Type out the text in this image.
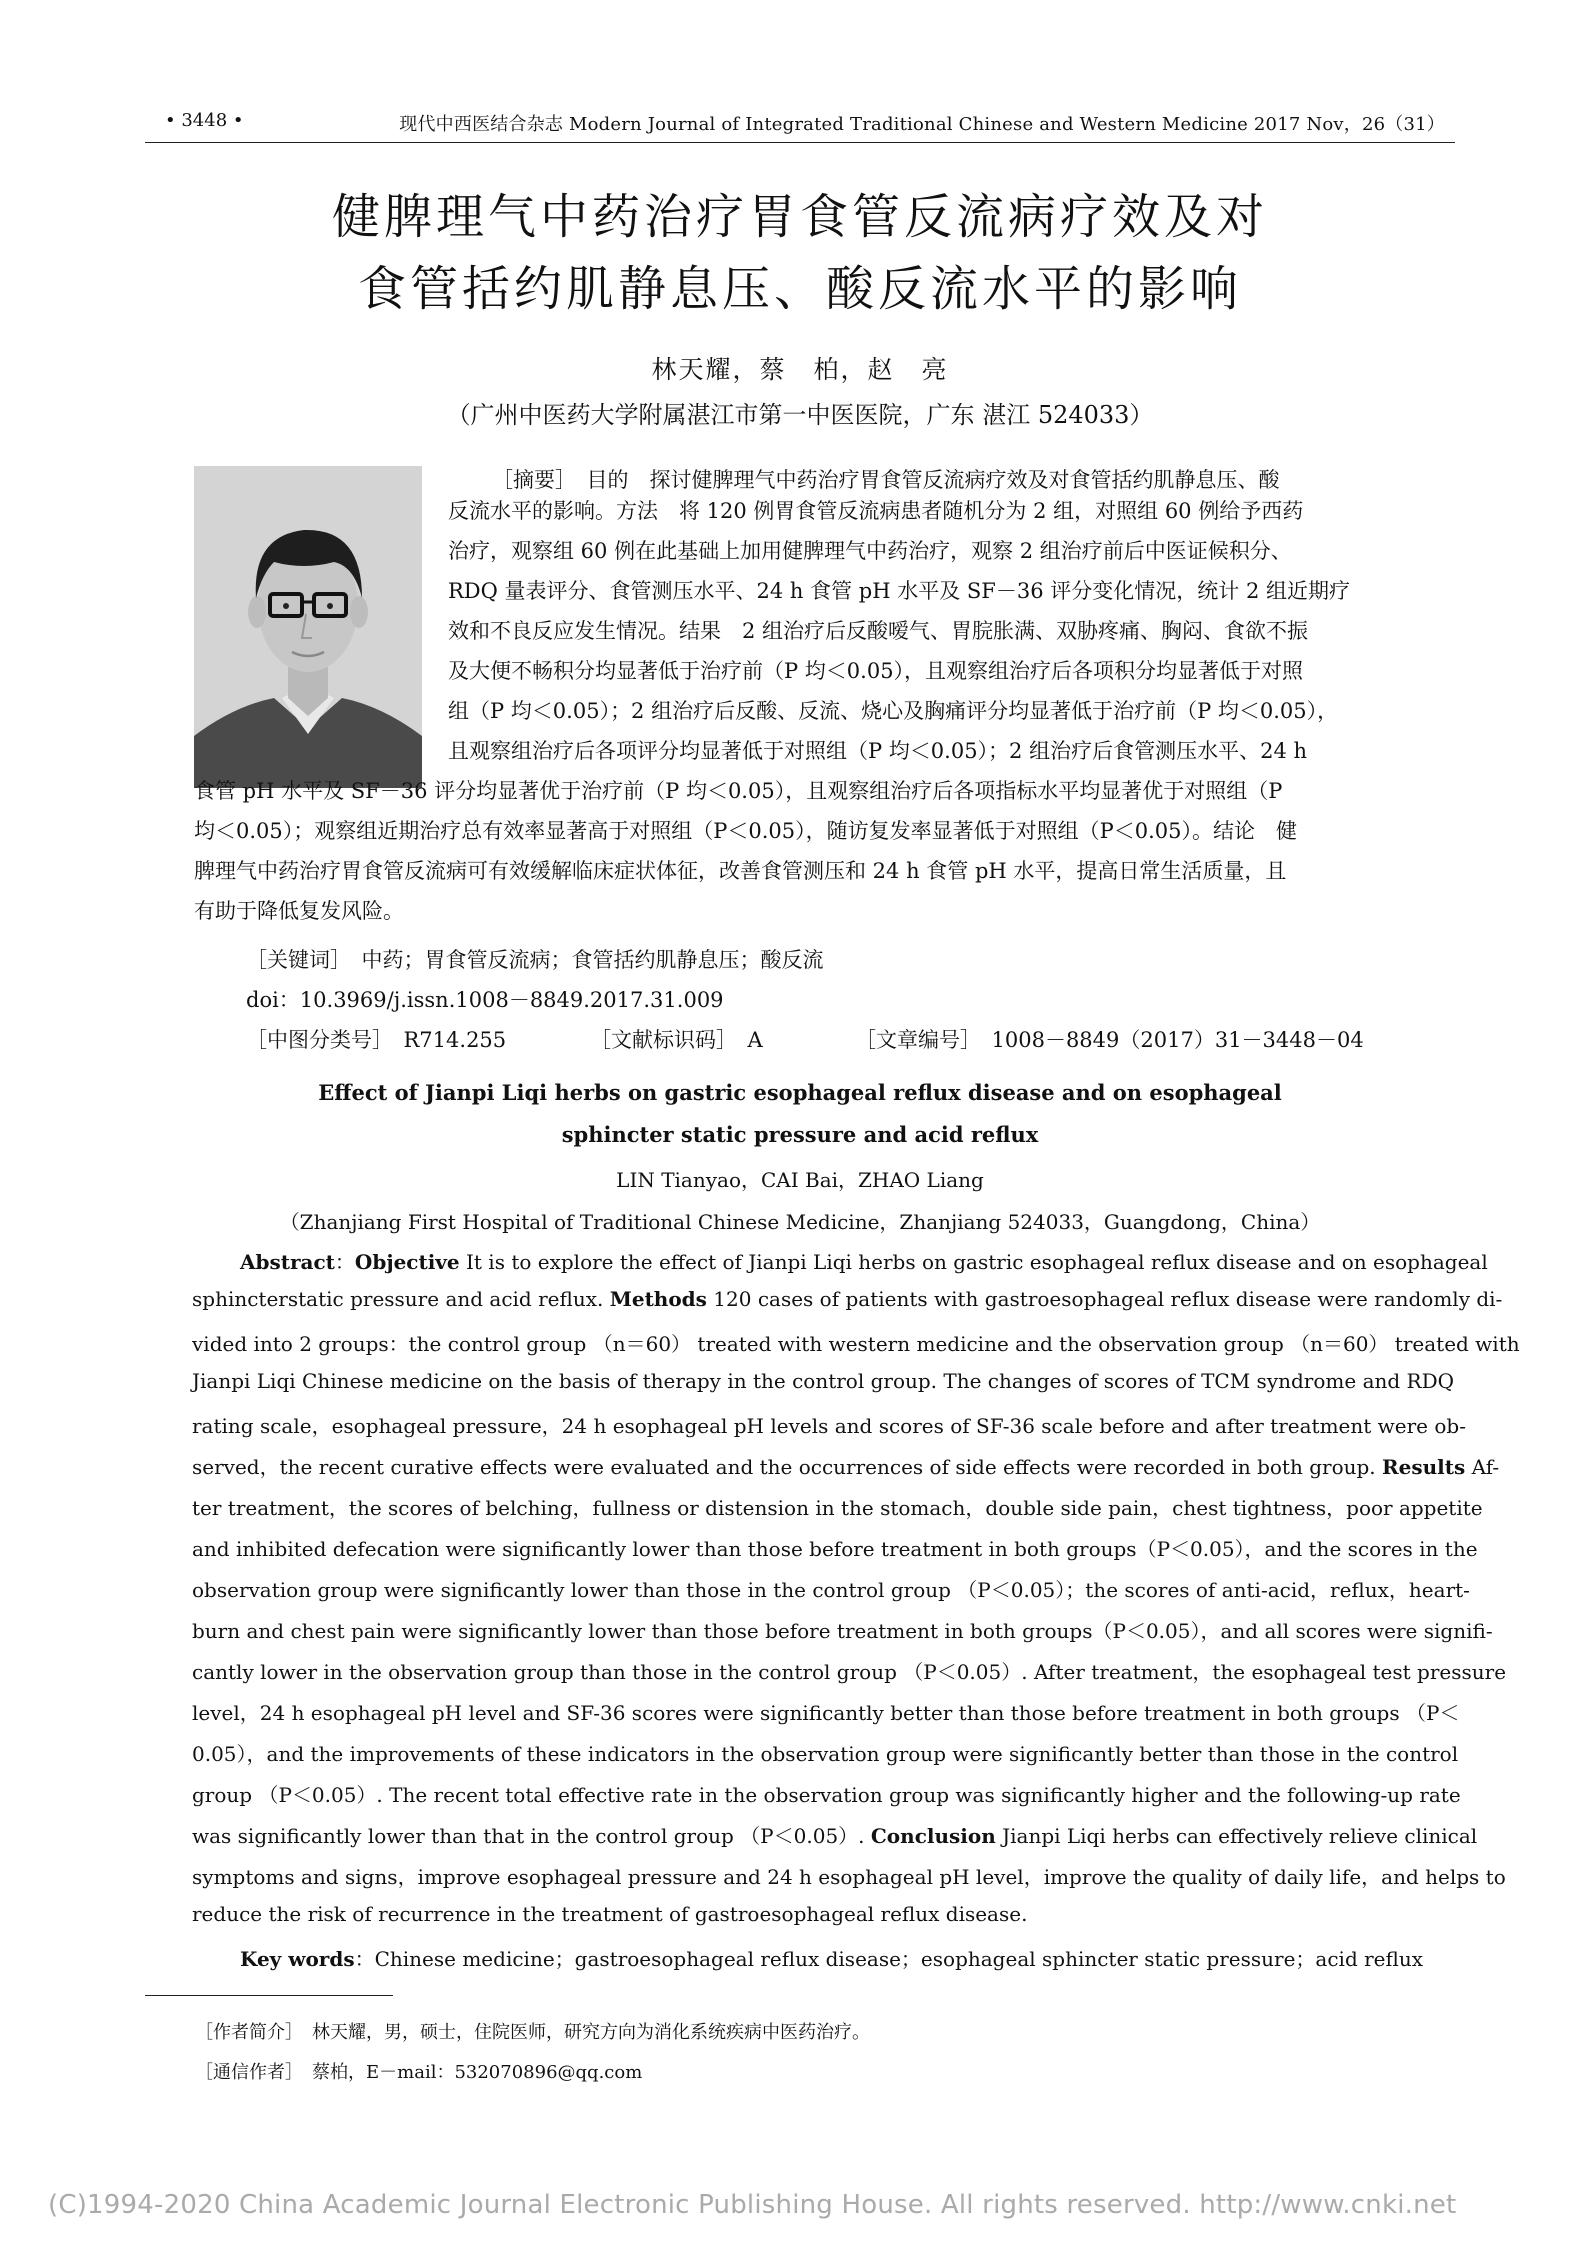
• 3448 •	现代中西医结合杂志 Modern Journal of Integrated Traditional Chinese and Western Medicine 2017 Nov，26（31）
健脾理气中药治疗胃食管反流病疗效及对
食管括约肌静息压、酸反流水平的影响
林天耀，蔡　柏，赵　亮
（广州中医药大学附属湛江市第一中医医院，广东 湛江 524033）
［摘要］　目的　探讨健脾理气中药治疗胃食管反流病疗效及对食管括约肌静息压、酸
反流水平的影响。方法　将 120 例胃食管反流病患者随机分为 2 组，对照组 60 例给予西药
治疗，观察组 60 例在此基础上加用健脾理气中药治疗，观察 2 组治疗前后中医证候积分、
RDQ 量表评分、食管测压水平、24 h 食管 pH 水平及 SF－36 评分变化情况，统计 2 组近期疗
效和不良反应发生情况。结果　2 组治疗后反酸嗳气、胃脘胀满、双胁疼痛、胸闷、食欲不振
及大便不畅积分均显著低于治疗前（P 均＜0.05），且观察组治疗后各项积分均显著低于对照
组（P 均＜0.05）；2 组治疗后反酸、反流、烧心及胸痛评分均显著低于治疗前（P 均＜0.05），
且观察组治疗后各项评分均显著低于对照组（P 均＜0.05）；2 组治疗后食管测压水平、24 h
食管 pH 水平及 SF－36 评分均显著优于治疗前（P 均＜0.05），且观察组治疗后各项指标水平均显著优于对照组（P
均＜0.05）；观察组近期治疗总有效率显著高于对照组（P＜0.05），随访复发率显著低于对照组（P＜0.05）。结论　健
脾理气中药治疗胃食管反流病可有效缓解临床症状体征，改善食管测压和 24 h 食管 pH 水平，提高日常生活质量，且
有助于降低复发风险。
［关键词］　中药；胃食管反流病；食管括约肌静息压；酸反流
doi：10.3969/j.issn.1008－8849.2017.31.009
［中图分类号］　R714.255	［文献标识码］　A	［文章编号］　1008－8849（2017）31－3448－04
Effect of Jianpi Liqi herbs on gastric esophageal reflux disease and on esophageal
sphincter static pressure and acid reflux
LIN Tianyao，CAI Bai，ZHAO Liang
（Zhanjiang First Hospital of Traditional Chinese Medicine，Zhanjiang 524033，Guangdong，China）
Abstract：Objective It is to explore the effect of Jianpi Liqi herbs on gastric esophageal reflux disease and on esophageal
sphincterstatic pressure and acid reflux. Methods 120 cases of patients with gastroesophageal reflux disease were randomly di-
vided into 2 groups：the control group （n＝60） treated with western medicine and the observation group （n＝60） treated with
Jianpi Liqi Chinese medicine on the basis of therapy in the control group. The changes of scores of TCM syndrome and RDQ
rating scale，esophageal pressure，24 h esophageal pH levels and scores of SF-36 scale before and after treatment were ob-
served，the recent curative effects were evaluated and the occurrences of side effects were recorded in both group. Results Af-
ter treatment，the scores of belching，fullness or distension in the stomach，double side pain，chest tightness，poor appetite
and inhibited defecation were significantly lower than those before treatment in both groups（P＜0.05），and the scores in the
observation group were significantly lower than those in the control group （P＜0.05）；the scores of anti-acid，reflux，heart-
burn and chest pain were significantly lower than those before treatment in both groups（P＜0.05），and all scores were signifi-
cantly lower in the observation group than those in the control group （P＜0.05）. After treatment，the esophageal test pressure
level，24 h esophageal pH level and SF-36 scores were significantly better than those before treatment in both groups （P＜
0.05），and the improvements of these indicators in the observation group were significantly better than those in the control
group （P＜0.05）. The recent total effective rate in the observation group was significantly higher and the following-up rate
was significantly lower than that in the control group （P＜0.05）. Conclusion Jianpi Liqi herbs can effectively relieve clinical
symptoms and signs，improve esophageal pressure and 24 h esophageal pH level，improve the quality of daily life，and helps to
reduce the risk of recurrence in the treatment of gastroesophageal reflux disease.
Key words：Chinese medicine；gastroesophageal reflux disease；esophageal sphincter static pressure；acid reflux
［作者简介］　林天耀，男，硕士，住院医师，研究方向为消化系统疾病中医药治疗。
［通信作者］　蔡柏，E－mail：532070896@qq.com
(C)1994-2020 China Academic Journal Electronic Publishing House. All rights reserved. http://www.cnki.net
